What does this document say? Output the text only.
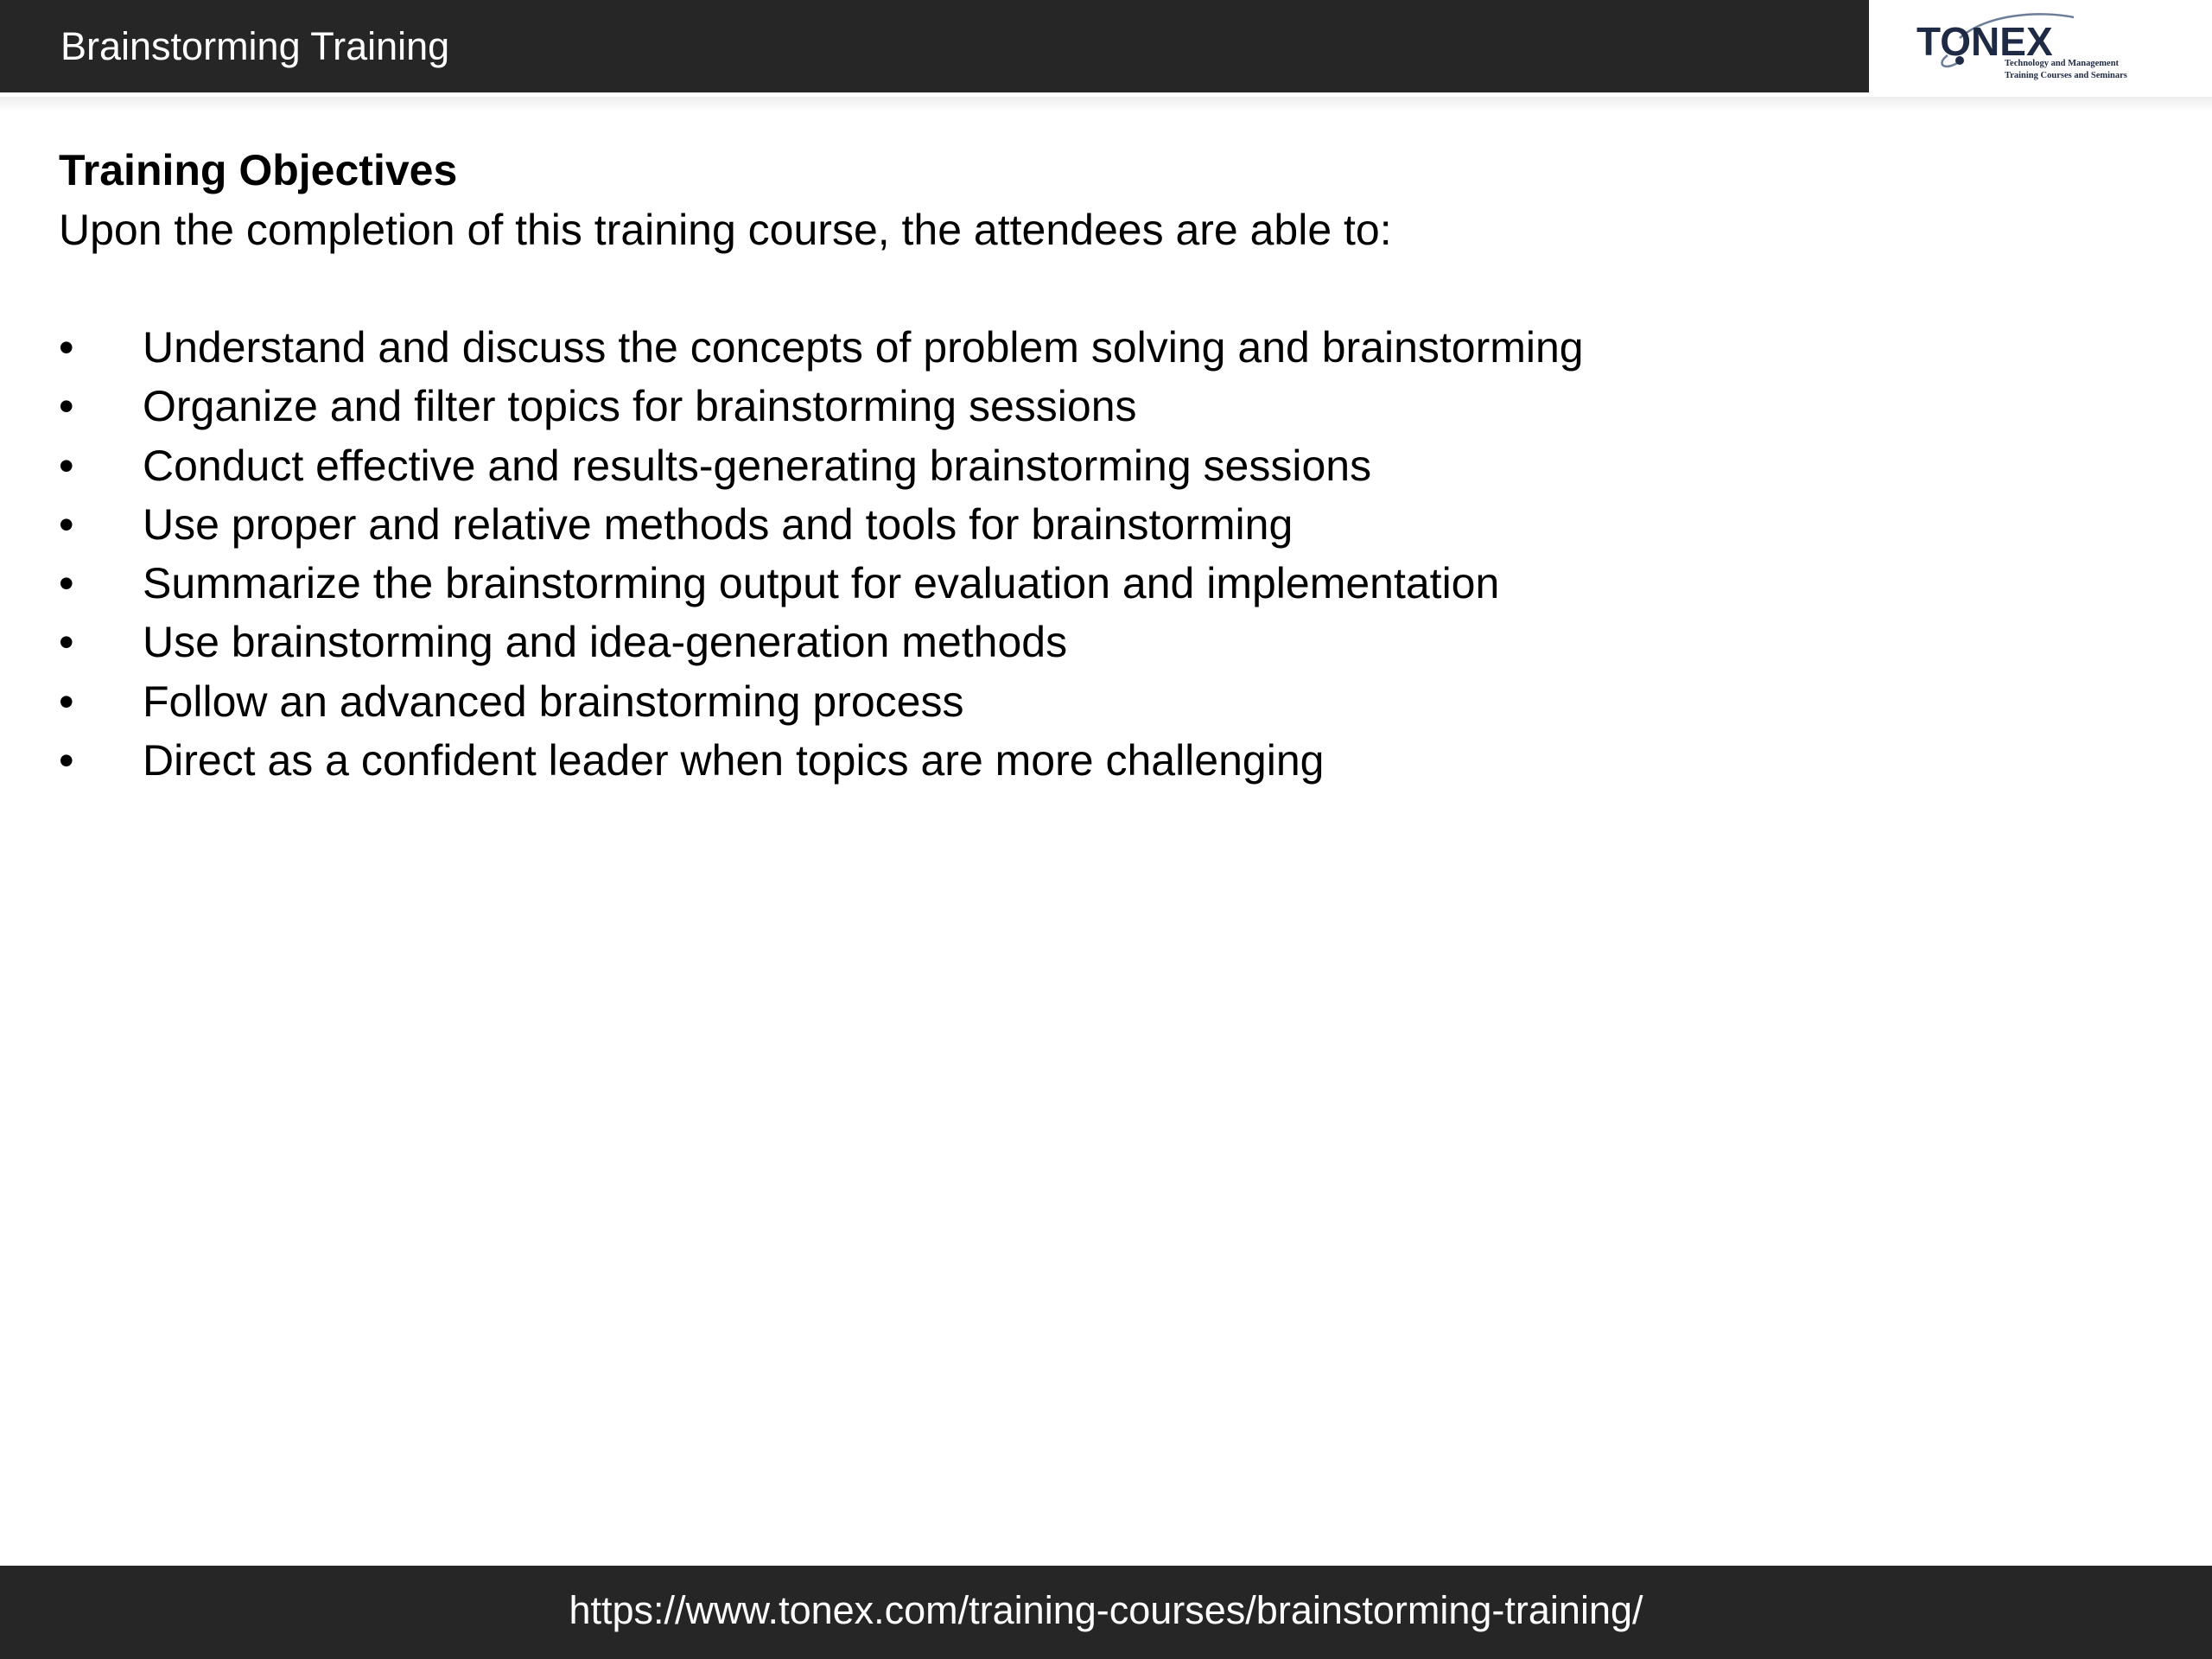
Brainstorming Training	TONEX
Technology and Management
Training Courses and Seminars

Training Objectives

Upon the completion of this training course, the attendees are able to:

• Understand and discuss the concepts of problem solving and brainstorming
• Organize and filter topics for brainstorming sessions
• Conduct effective and results-generating brainstorming sessions
• Use proper and relative methods and tools for brainstorming
• Summarize the brainstorming output for evaluation and implementation
• Use brainstorming and idea-generation methods
• Follow an advanced brainstorming process
• Direct as a confident leader when topics are more challenging
https://www.tonex.com/training-courses/brainstorming-training/
